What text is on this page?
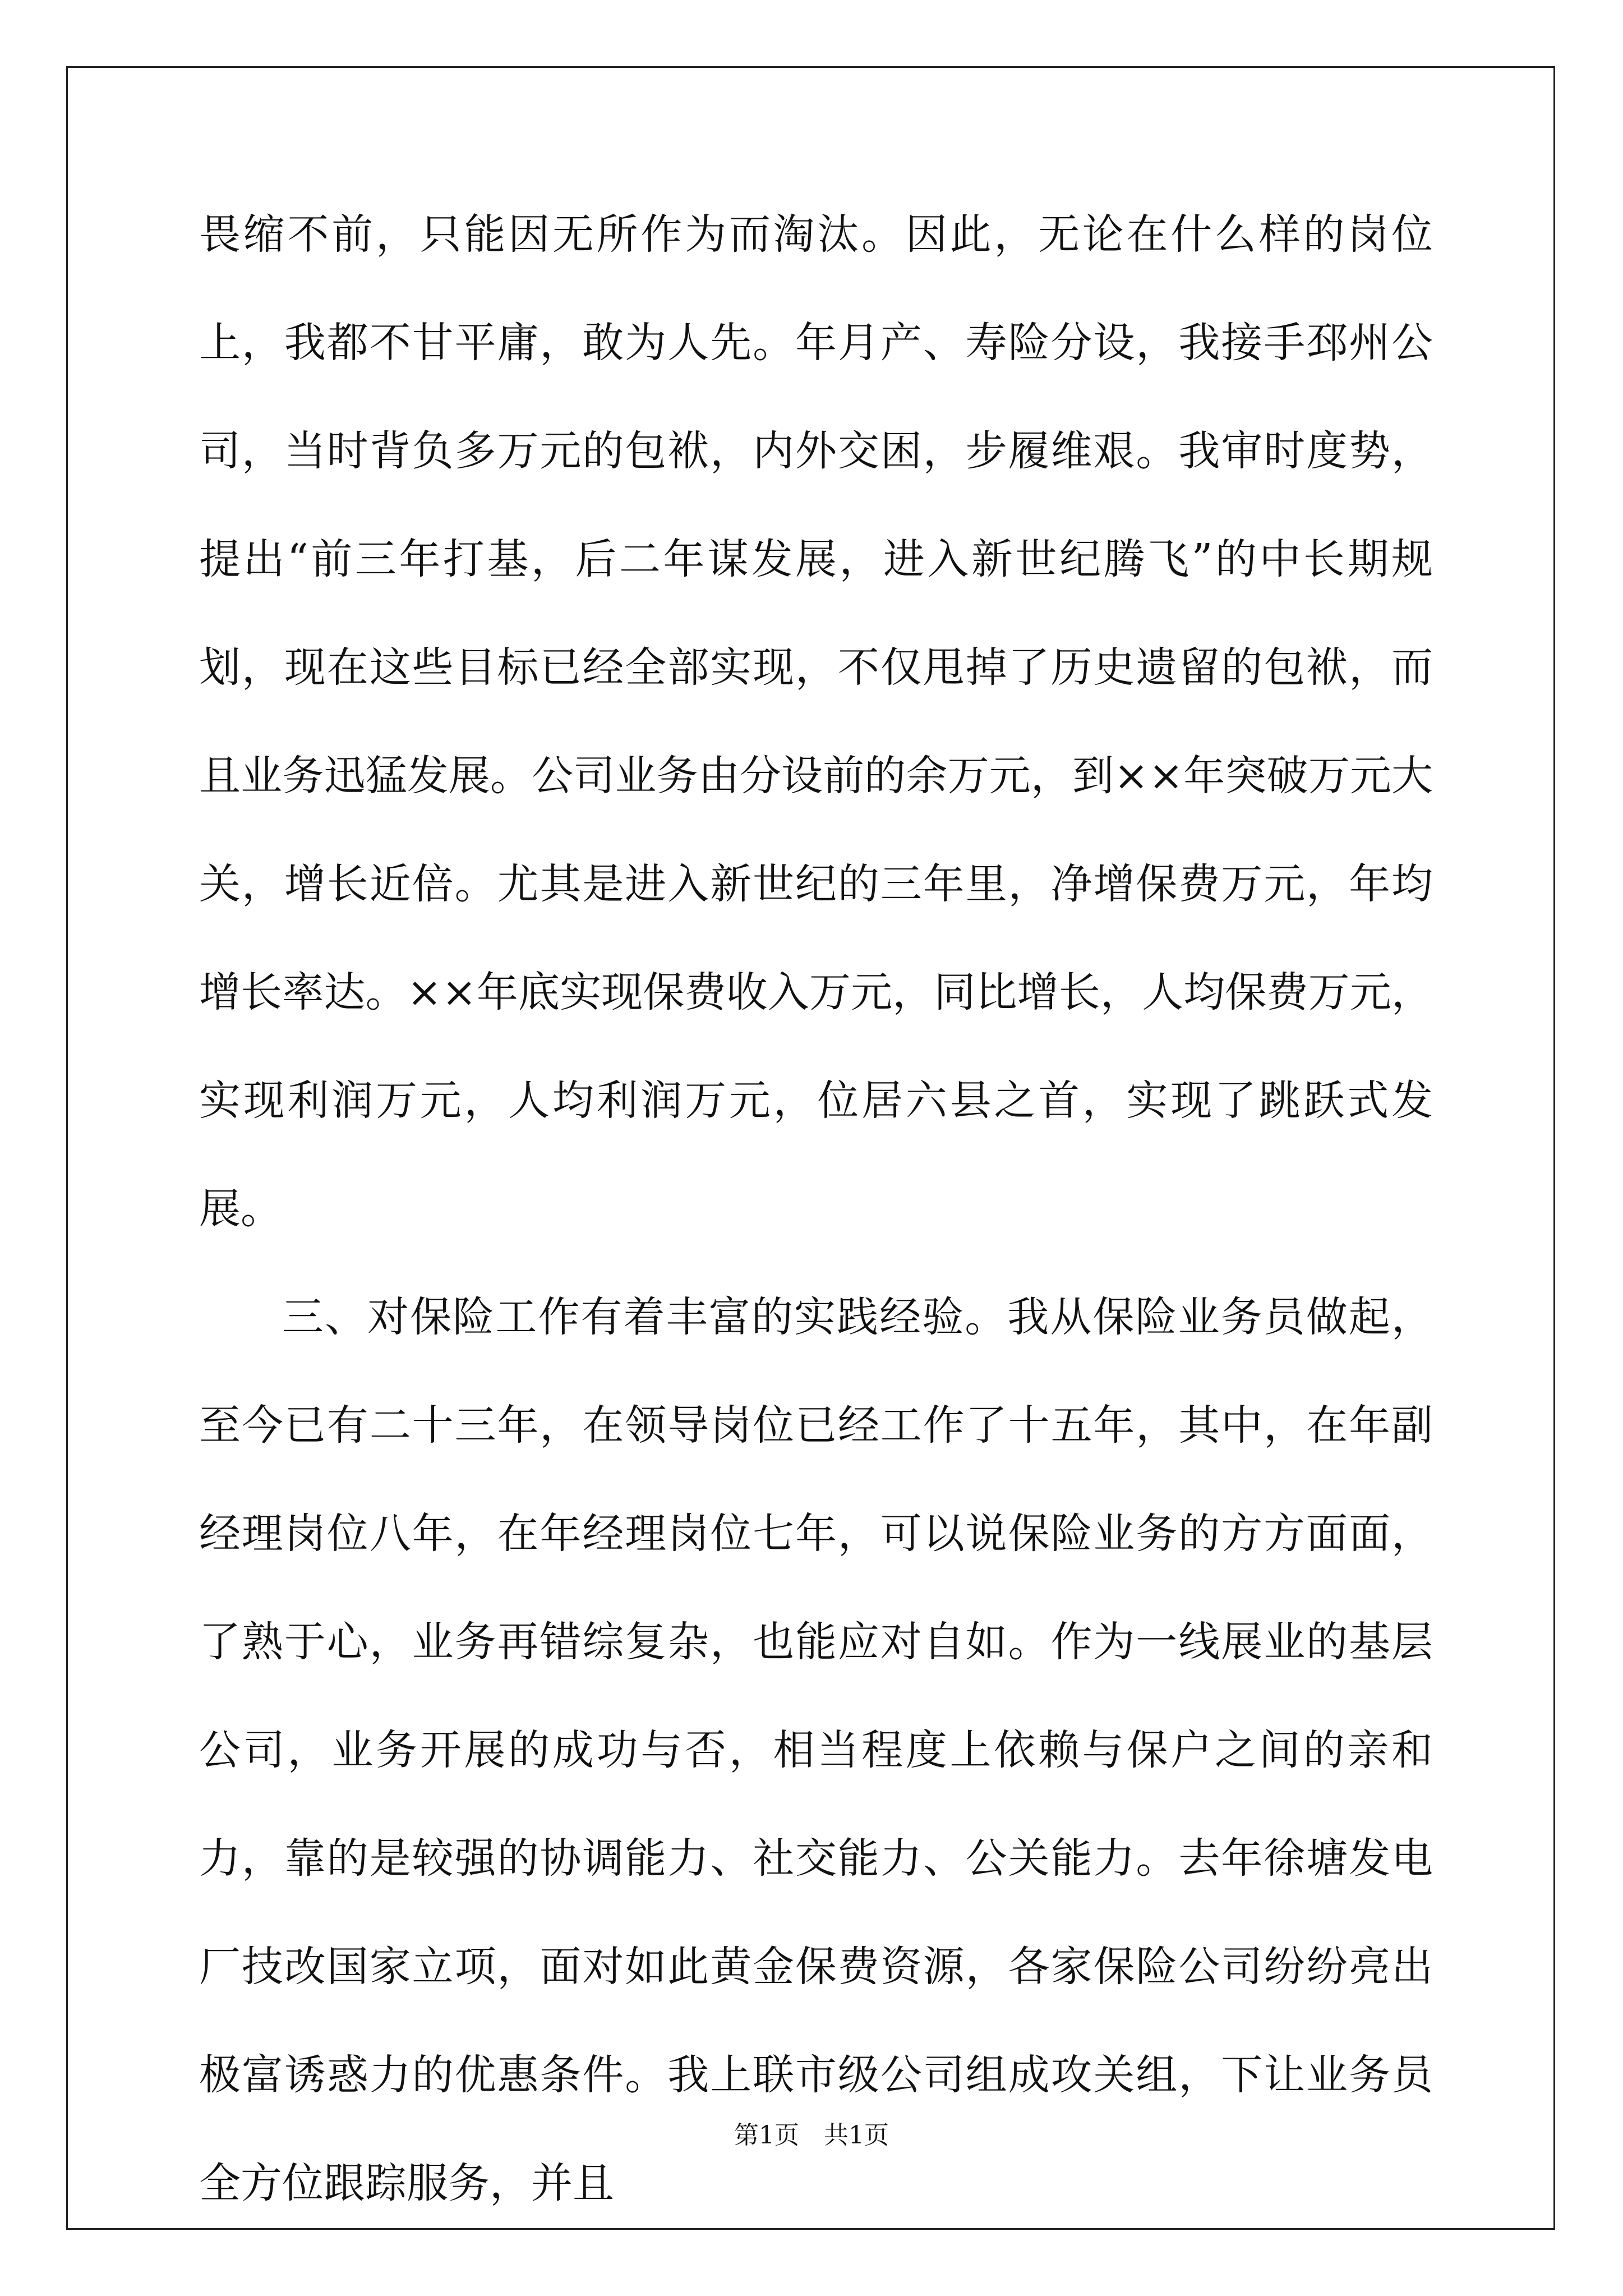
畏缩不前，只能因无所作为而淘汰。因此，无论在什么样的岗位上，我都不甘平庸，敢为人先。年月产、寿险分设，我接手邳州公司，当时背负多万元的包袱，内外交困，步履维艰。我审时度势，提出“前三年打基，后二年谋发展，进入新世纪腾飞”的中长期规划，现在这些目标已经全部实现，不仅甩掉了历史遗留的包袱，而且业务迅猛发展。公司业务由分设前的余万元，到××年突破万元大关，增长近倍。尤其是进入新世纪的三年里，净增保费万元，年均增长率达。××年底实现保费收入万元，同比增长，人均保费万元，实现利润万元，人均利润万元，位居六县之首，实现了跳跃式发展。

三、对保险工作有着丰富的实践经验。我从保险业务员做起，至今已有二十三年，在领导岗位已经工作了十五年，其中，在年副经理岗位八年，在年经理岗位七年，可以说保险业务的方方面面，了熟于心，业务再错综复杂，也能应对自如。作为一线展业的基层公司，业务开展的成功与否，相当程度上依赖与保户之间的亲和力，靠的是较强的协调能力、社交能力、公关能力。去年徐塘发电厂技改国家立项，面对如此黄金保费资源，各家保险公司纷纷亮出极富诱惑力的优惠条件。我上联市级公司组成攻关组，下让业务员全方位跟踪服务，并且

第1页　共1页
